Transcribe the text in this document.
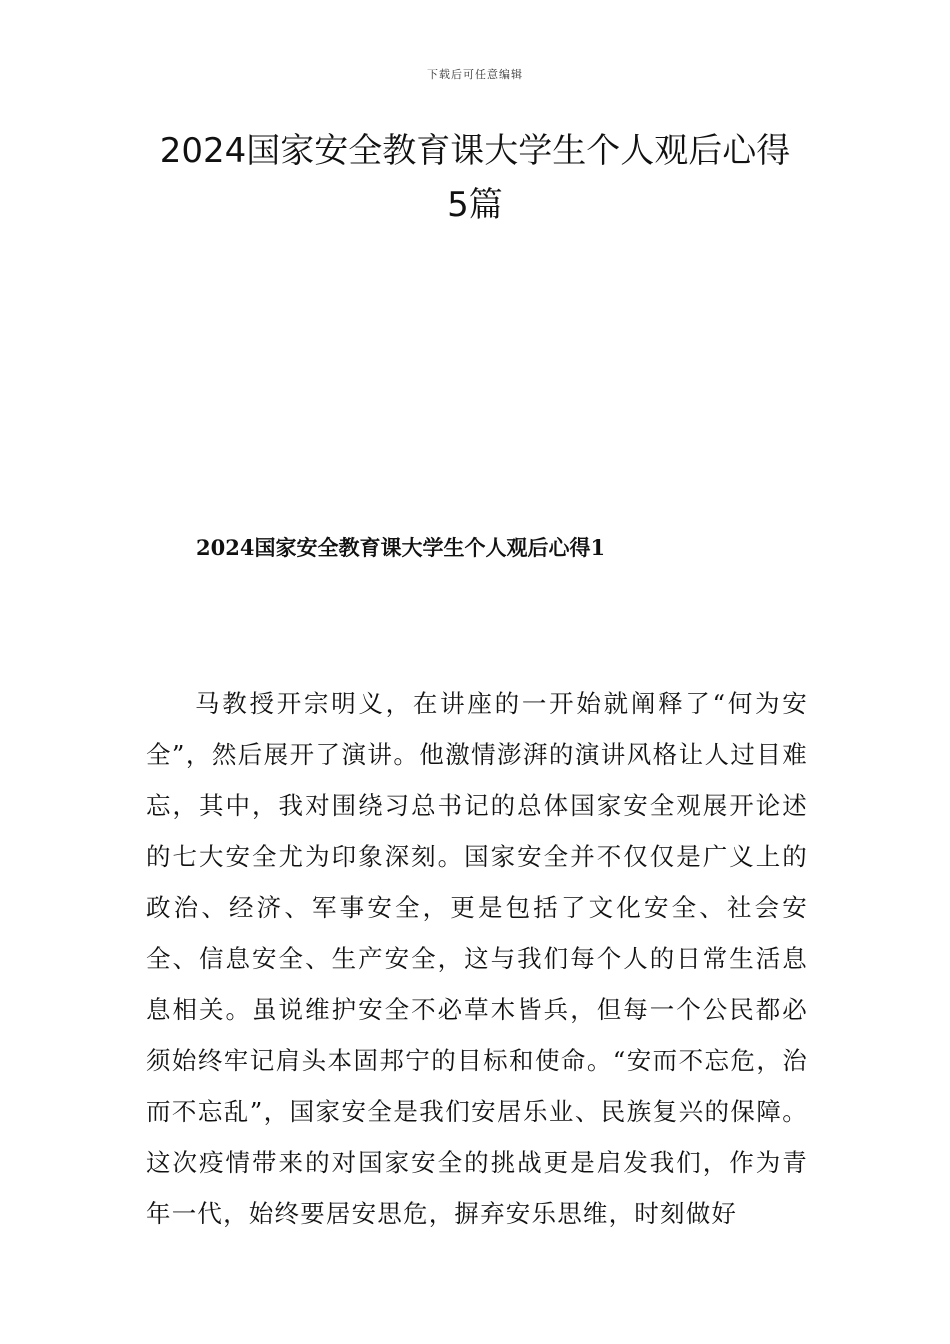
下载后可任意编辑
2024国家安全教育课大学生个人观后心得
5篇
2024国家安全教育课大学生个人观后心得1

马教授开宗明义，在讲座的一开始就阐释了“何为安全”，然后展开了演讲。他激情澎湃的演讲风格让人过目难忘，其中，我对围绕习总书记的总体国家安全观展开论述的七大安全尤为印象深刻。国家安全并不仅仅是广义上的政治、经济、军事安全，更是包括了文化安全、社会安全、信息安全、生产安全，这与我们每个人的日常生活息息相关。虽说维护安全不必草木皆兵，但每一个公民都必须始终牢记肩头本固邦宁的目标和使命。“安而不忘危，治而不忘乱”，国家安全是我们安居乐业、民族复兴的保障。这次疫情带来的对国家安全的挑战更是启发我们，作为青年一代，始终要居安思危，摒弃安乐思维，时刻做好
